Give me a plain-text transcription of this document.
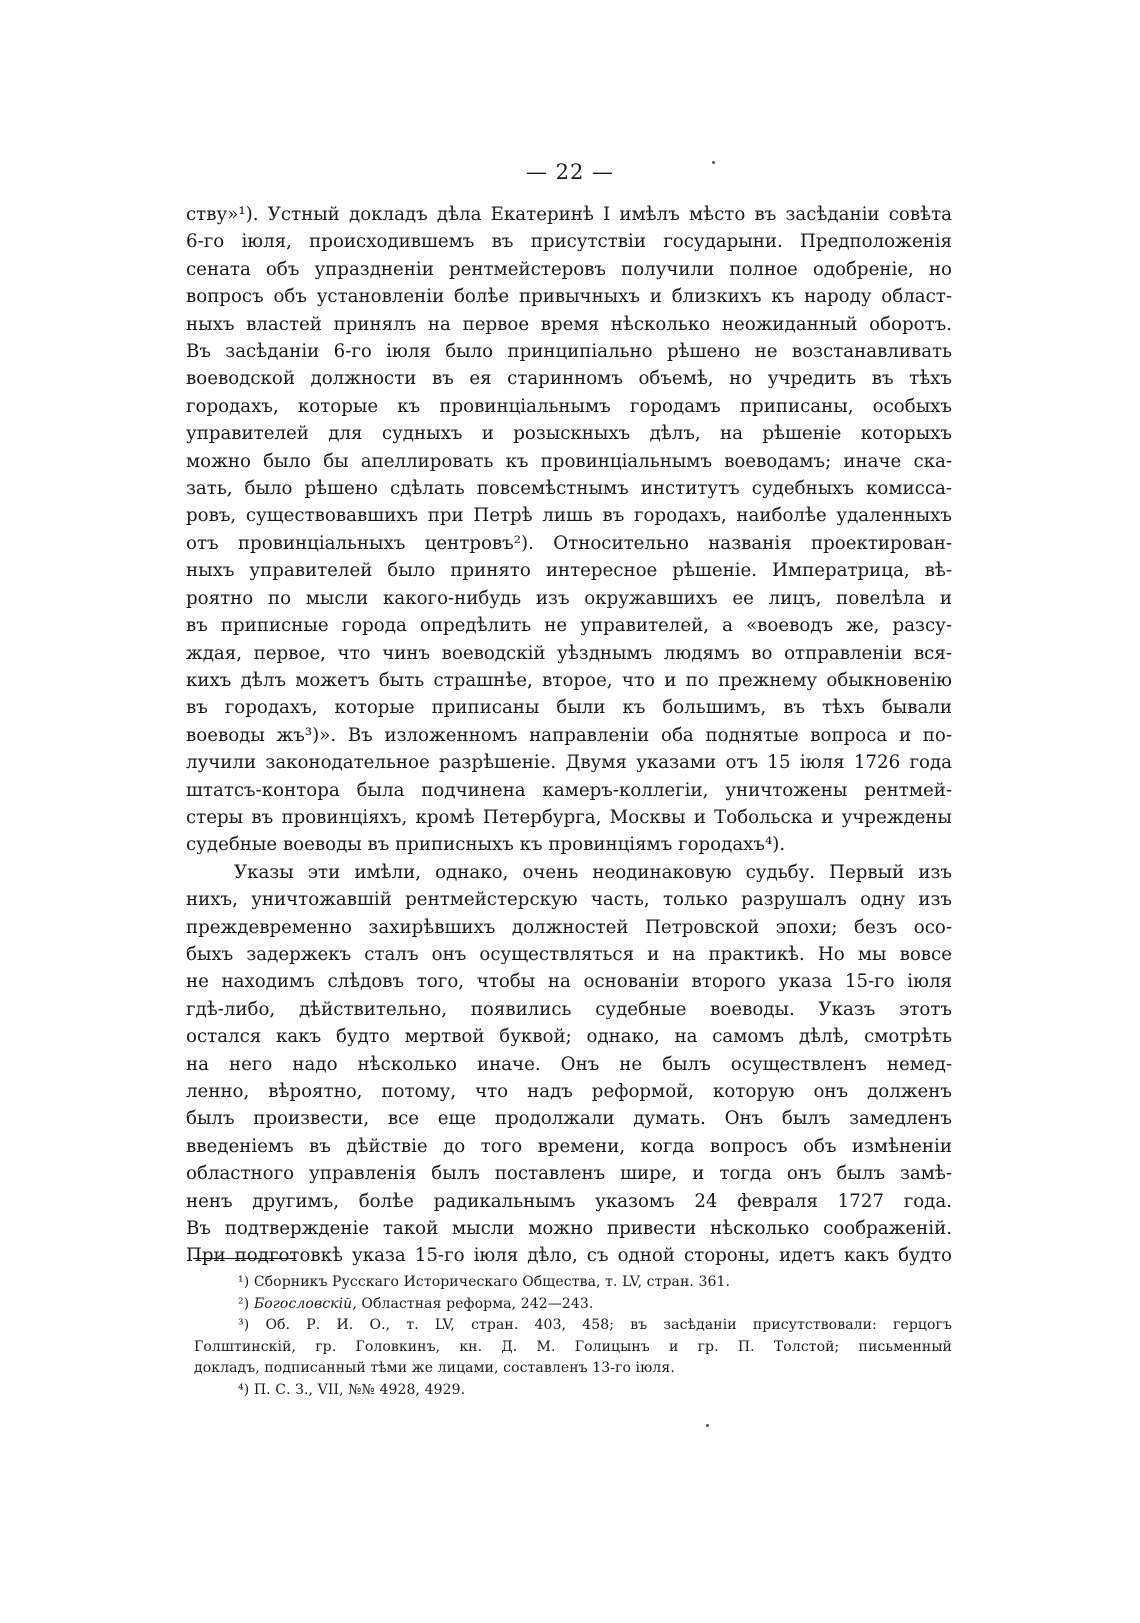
— 22 —

ству»¹). Устный докладъ дѣла Екатеринѣ I имѣлъ мѣсто въ засѣданіи совѣта

6-го іюля, происходившемъ въ присутствіи государыни. Предположенія

сената объ упраздненіи рентмейстеровъ получили полное одобреніе, но

вопросъ объ установленіи болѣе привычныхъ и близкихъ къ народу област-

ныхъ властей принялъ на первое время нѣсколько неожиданный оборотъ.

Въ засѣданіи 6-го іюля было принципіально рѣшено не возстанавливать

воеводской должности въ ея старинномъ объемѣ, но учредить въ тѣхъ

городахъ, которые къ провинціальнымъ городамъ приписаны, особыхъ

управителей для судныхъ и розыскныхъ дѣлъ, на рѣшеніе которыхъ

можно было бы апеллировать къ провинціальнымъ воеводамъ; иначе ска-

зать, было рѣшено сдѣлать повсемѣстнымъ институтъ судебныхъ комисса-

ровъ, существовавшихъ при Петрѣ лишь въ городахъ, наиболѣе удаленныхъ

отъ провинціальныхъ центровъ²). Относительно названія проектирован-

ныхъ управителей было принято интересное рѣшеніе. Императрица, вѣ-

роятно по мысли какого-нибудь изъ окружавшихъ ее лицъ, повелѣла и

въ приписные города опредѣлить не управителей, а «воеводъ же, разсу-

ждая, первое, что чинъ воеводскій уѣзднымъ людямъ во отправленіи вся-

кихъ дѣлъ можетъ быть страшнѣе, второе, что и по прежнему обыкновенію

въ городахъ, которые приписаны были къ большимъ, въ тѣхъ бывали

воеводы жъ³)». Въ изложенномъ направленіи оба поднятые вопроса и по-

лучили законодательное разрѣшеніе. Двумя указами отъ 15 іюля 1726 года

штатсъ-контора была подчинена камеръ-коллегіи, уничтожены рентмей-

стеры въ провинціяхъ, кромѣ Петербурга, Москвы и Тобольска и учреждены

судебные воеводы въ приписныхъ къ провинціямъ городахъ⁴).

Указы эти имѣли, однако, очень неодинаковую судьбу. Первый изъ

нихъ, уничтожавшій рентмейстерскую часть, только разрушалъ одну изъ

преждевременно захирѣвшихъ должностей Петровской эпохи; безъ осо-

быхъ задержекъ сталъ онъ осуществляться и на практикѣ. Но мы вовсе

не находимъ слѣдовъ того, чтобы на основаніи второго указа 15-го іюля

гдѣ-либо, дѣйствительно, появились судебные воеводы. Указъ этотъ

остался какъ будто мертвой буквой; однако, на самомъ дѣлѣ, смотрѣть

на него надо нѣсколько иначе. Онъ не былъ осуществленъ немед-

ленно, вѣроятно, потому, что надъ реформой, которую онъ долженъ

былъ произвести, все еще продолжали думать. Онъ былъ замедленъ

введеніемъ въ дѣйствіе до того времени, когда вопросъ объ измѣненіи

областного управленія былъ поставленъ шире, и тогда онъ былъ замѣ-

ненъ другимъ, болѣе радикальнымъ указомъ 24 февраля 1727 года.

Въ подтвержденіе такой мысли можно привести нѣсколько соображеній.

При подготовкѣ указа 15-го іюля дѣло, съ одной стороны, идетъ какъ будто

¹) Сборникъ Русскаго Историческаго Общества, т. LV, стран. 361.

²) Богословскій, Областная реформа, 242—243.

³) Об. Р. И. О., т. LV, стран. 403, 458; въ засѣданіи присутствовали: герцогъ
Голштинскій, гр. Головкинъ, кн. Д. М. Голицынъ и гр. П. Толстой; письменный
докладъ, подписанный тѣми же лицами, составленъ 13-го іюля.

⁴) П. С. З., VII, №№ 4928, 4929.
